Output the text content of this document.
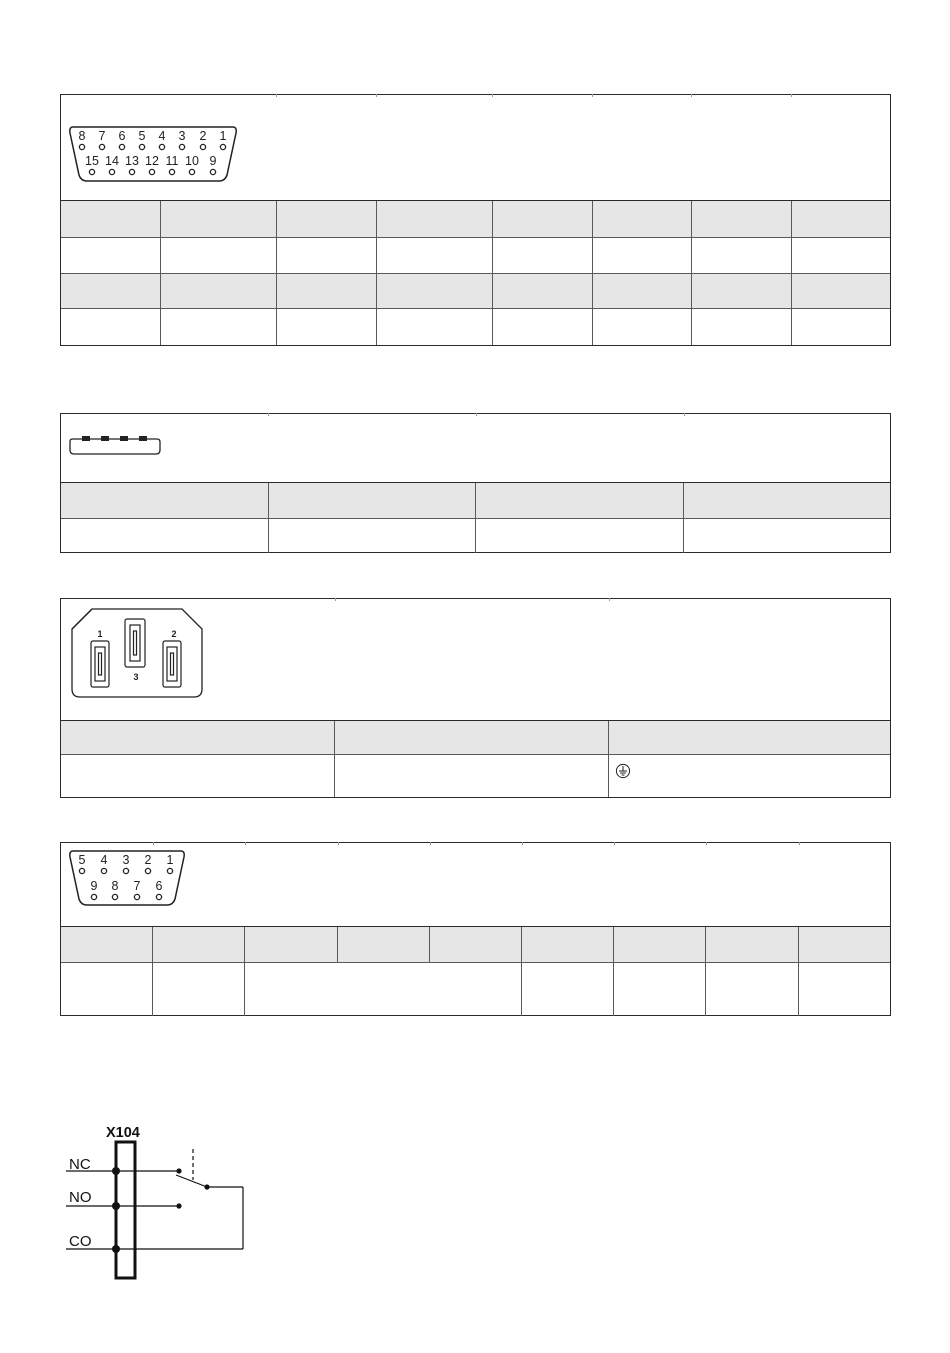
8 7 6 5 4 3 2 1
15 14 13 12 11 10 9
1	2
3
5 4 3 2 1
9 8 7 6
X104
NC
NO
CO
